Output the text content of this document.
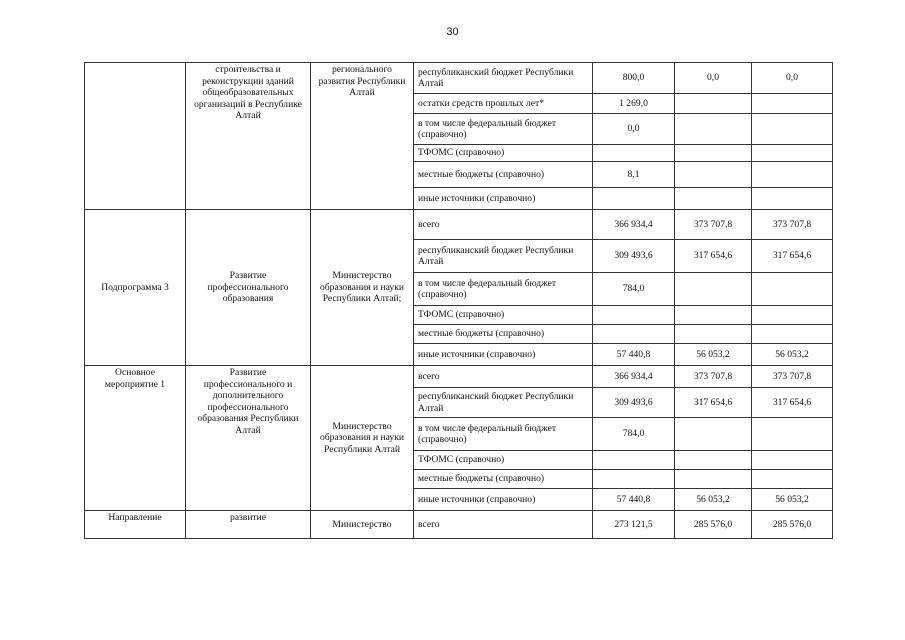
30
	строительства и реконструкции зданий общеобразовательных организаций в Республике Алтай	регионального развития Республики Алтай	республиканский бюджет Республики Алтай	800,0	0,0	0,0
			остатки средств прошлых лет*	1 269,0		
			в том числе федеральный бюджет (справочно)	0,0		
			ТФОМС (справочно)			
			местные бюджеты (справочно)	8,1		
			иные источники (справочно)			
Подпрограмма 3	Развитие профессионального образования	Министерство образования и науки Республики Алтай;	всего	366 934,4	373 707,8	373 707,8
			республиканский бюджет Республики Алтай	309 493,6	317 654,6	317 654,6
			в том числе федеральный бюджет (справочно)	784,0		
			ТФОМС (справочно)			
			местные бюджеты (справочно)			
			иные источники (справочно)	57 440,8	56 053,2	56 053,2
Основное мероприятие 1	Развитие профессионального и дополнительного профессионального образования Республики Алтай	Министерство образования и науки Республики Алтай	всего	366 934,4	373 707,8	373 707,8
			республиканский бюджет Республики Алтай	309 493,6	317 654,6	317 654,6
			в том числе федеральный бюджет (справочно)	784,0		
			ТФОМС (справочно)			
			местные бюджеты (справочно)			
			иные источники (справочно)	57 440,8	56 053,2	56 053,2
Направление	развитие	Министерство	всего	273 121,5	285 576,0	285 576,0
